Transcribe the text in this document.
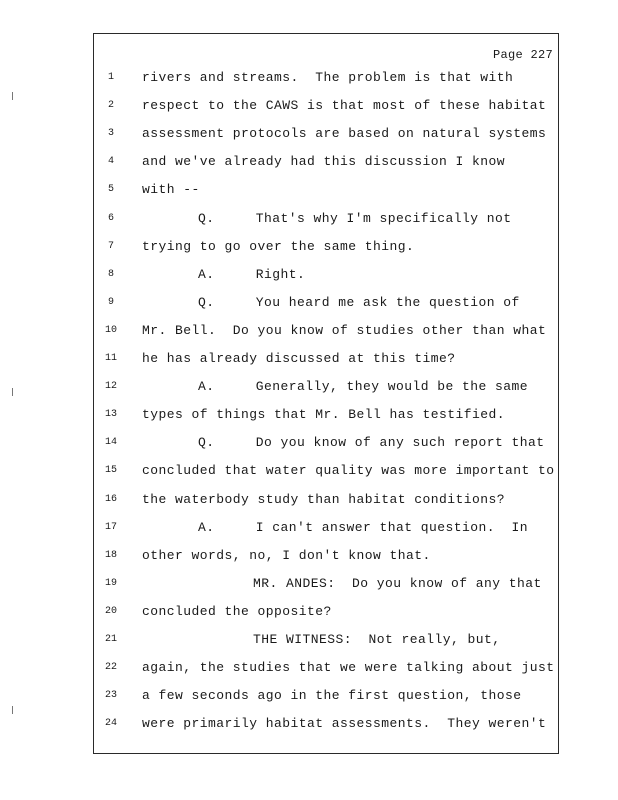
Page 227
1	rivers and streams.  The problem is that with
2	respect to the CAWS is that most of these habitat
3	assessment protocols are based on natural systems
4	and we've already had this discussion I know
5	with --
6	Q.     That's why I'm specifically not
7	trying to go over the same thing.
8	A.     Right.
9	Q.     You heard me ask the question of
10 Mr. Bell.  Do you know of studies other than what
11 he has already discussed at this time?
12	A.     Generally, they would be the same
13 types of things that Mr. Bell has testified.
14	Q.     Do you know of any such report that
15 concluded that water quality was more important to
16 the waterbody study than habitat conditions?
17	A.     I can't answer that question.  In
18 other words, no, I don't know that.
19	MR. ANDES:  Do you know of any that
20 concluded the opposite?
21	THE WITNESS:  Not really, but,
22 again, the studies that we were talking about just
23 a few seconds ago in the first question, those
24 were primarily habitat assessments.  They weren't
